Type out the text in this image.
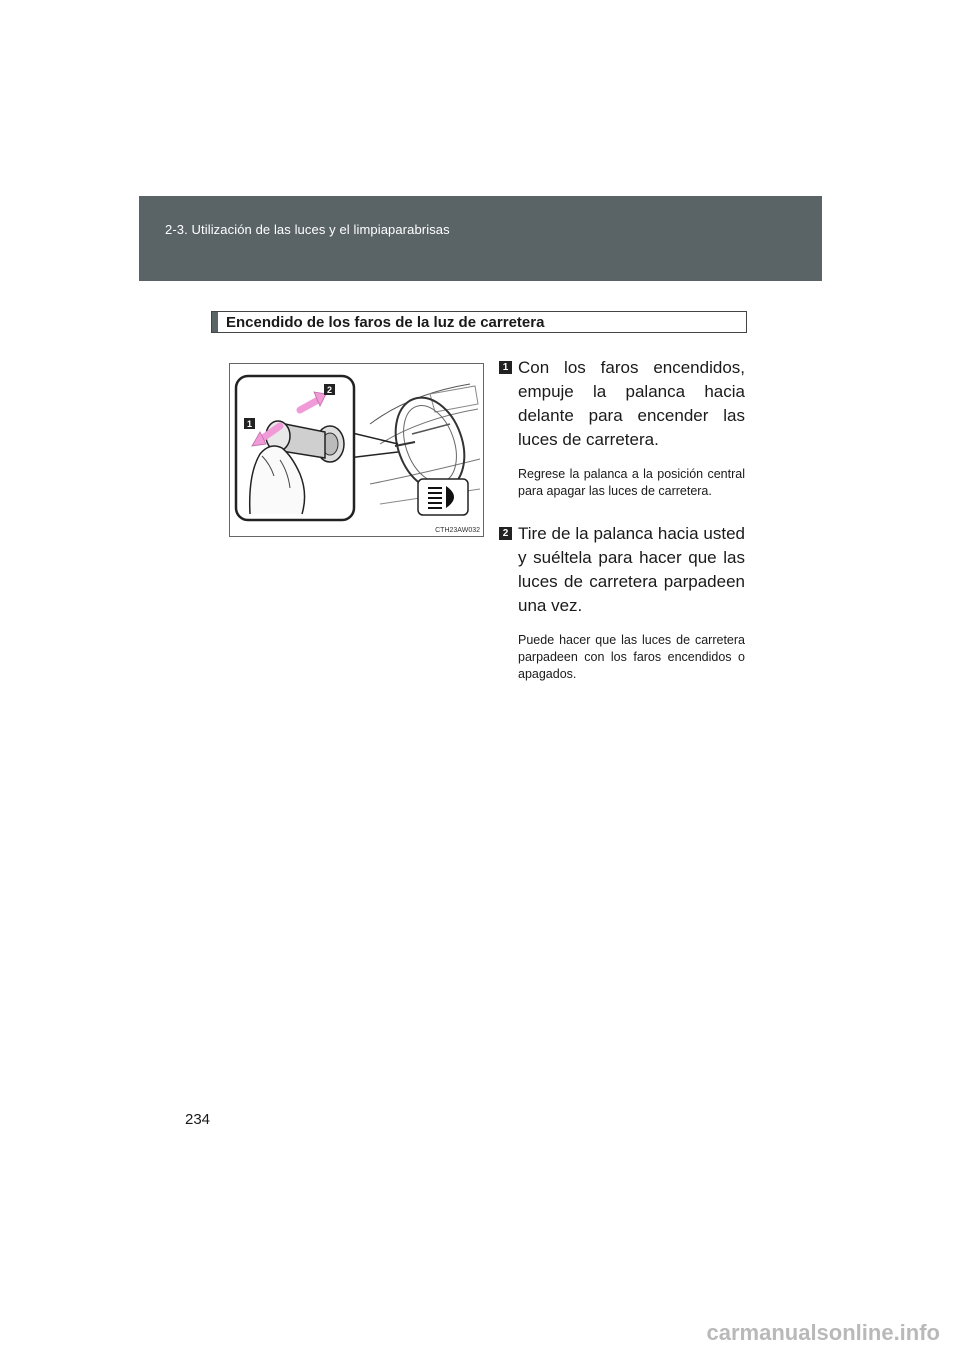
2-3. Utilización de las luces y el limpiaparabrisas
Encendido de los faros de la luz de carretera
1
2
CTH23AW032
1 Con los faros encendidos, empuje la palanca hacia delante para encender las luces de carretera.
Regrese la palanca a la posición central para apagar las luces de carretera.
2 Tire de la palanca hacia usted y suéltela para hacer que las luces de carretera parpadeen una vez.
Puede hacer que las luces de carretera parpadeen con los faros encendidos o apagados.
234
carmanualsonline.info
